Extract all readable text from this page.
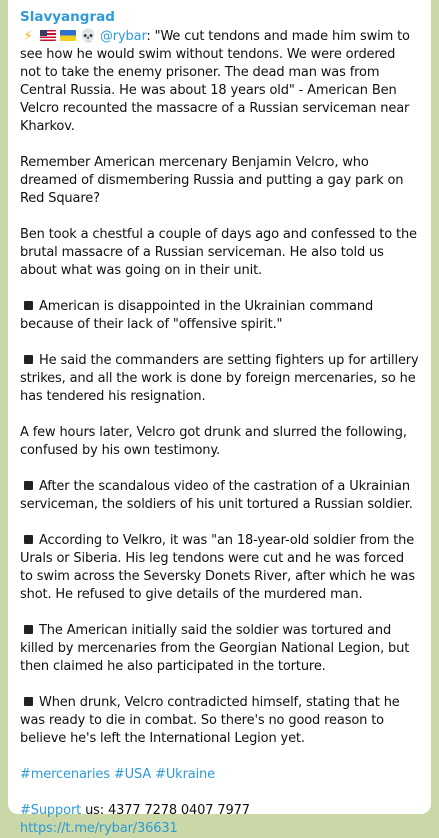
Slavyangrad

⚡	💀 @rybar: "We cut tendons and made him swim to see how he would swim without tendons. We were ordered not to take the enemy prisoner. The dead man was from Central Russia. He was about 18 years old" - American Ben Velcro recounted the massacre of a Russian serviceman near Kharkov.

Remember American mercenary Benjamin Velcro, who dreamed of dismembering Russia and putting a gay park on Red Square?

Ben took a chestful a couple of days ago and confessed to the brutal massacre of a Russian serviceman. He also told us about what was going on in their unit.

American is disappointed in the Ukrainian command because of their lack of "offensive spirit."

He said the commanders are setting fighters up for artillery strikes, and all the work is done by foreign mercenaries, so he has tendered his resignation.

A few hours later, Velcro got drunk and slurred the following, confused by his own testimony.

After the scandalous video of the castration of a Ukrainian serviceman, the soldiers of his unit tortured a Russian soldier.

According to Velkro, it was "an 18-year-old soldier from the Urals or Siberia. His leg tendons were cut and he was forced to swim across the Seversky Donets River, after which he was shot. He refused to give details of the murdered man.

The American initially said the soldier was tortured and killed by mercenaries from the Georgian National Legion, but then claimed he also participated in the torture.

When drunk, Velcro contradicted himself, stating that he was ready to die in combat. So there's no good reason to believe he's left the International Legion yet.

#mercenaries #USA #Ukraine

#Support us: 4377 7278 0407 7977

https://t.me/rybar/36631
